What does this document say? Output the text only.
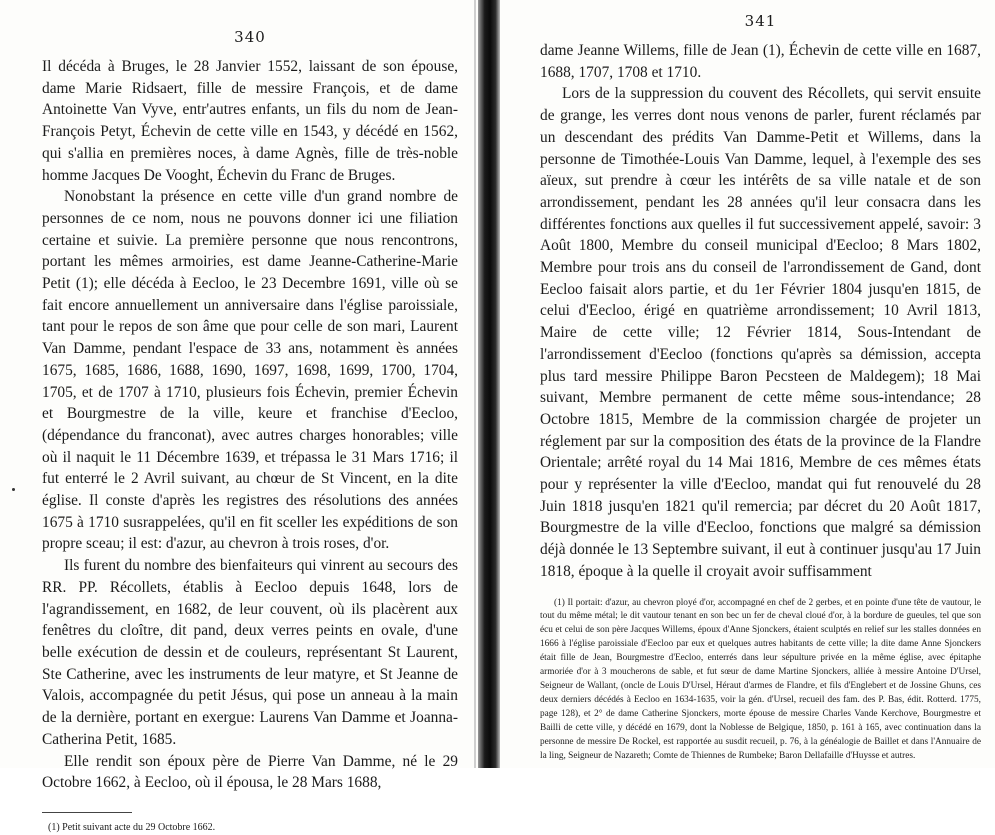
340

Il décéda à Bruges, le 28 Janvier 1552, laissant de son épouse, dame Marie Ridsaert, fille de messire François, et de dame Antoinette Van Vyve, entr'autres enfants, un fils du nom de Jean-François Petyt, Échevin de cette ville en 1543, y décédé en 1562, qui s'allia en premières noces, à dame Agnès, fille de très-noble homme Jacques De Vooght, Échevin du Franc de Bruges.

Nonobstant la présence en cette ville d'un grand nombre de personnes de ce nom, nous ne pouvons donner ici une filiation certaine et suivie. La première personne que nous rencontrons, portant les mêmes armoiries, est dame Jeanne-Catherine-Marie Petit (1); elle décéda à Eecloo, le 23 Decembre 1691, ville où se fait encore annuellement un anniversaire dans l'église paroissiale, tant pour le repos de son âme que pour celle de son mari, Laurent Van Damme, pendant l'espace de 33 ans, notamment ès années 1675, 1685, 1686, 1688, 1690, 1697, 1698, 1699, 1700, 1704, 1705, et de 1707 à 1710, plusieurs fois Échevin, premier Échevin et Bourgmestre de la ville, keure et franchise d'Eecloo, (dépendance du franconat), avec autres charges honorables; ville où il naquit le 11 Décembre 1639, et trépassa le 31 Mars 1716; il fut enterré le 2 Avril suivant, au chœur de St Vincent, en la dite église. Il conste d'après les registres des résolutions des années 1675 à 1710 susrappelées, qu'il en fit sceller les expéditions de son propre sceau; il est: d'azur, au chevron à trois roses, d'or.

Ils furent du nombre des bienfaiteurs qui vinrent au secours des RR. PP. Récollets, établis à Eecloo depuis 1648, lors de l'agrandissement, en 1682, de leur couvent, où ils placèrent aux fenêtres du cloître, dit pand, deux verres peints en ovale, d'une belle exécution de dessin et de couleurs, représentant St Laurent, Ste Catherine, avec les instruments de leur matyre, et St Jeanne de Valois, accompagnée du petit Jésus, qui pose un anneau à la main de la dernière, portant en exergue: Laurens Van Damme et Joanna-Catherina Petit, 1685.

Elle rendit son époux père de Pierre Van Damme, né le 29 Octobre 1662, à Eecloo, où il épousa, le 28 Mars 1688,

(1) Petit suivant acte du 29 Octobre 1662.

341

dame Jeanne Willems, fille de Jean (1), Échevin de cette ville en 1687, 1688, 1707, 1708 et 1710.

Lors de la suppression du couvent des Récollets, qui servit ensuite de grange, les verres dont nous venons de parler, furent réclamés par un descendant des prédits Van Damme-Petit et Willems, dans la personne de Timothée-Louis Van Damme, lequel, à l'exemple des ses aïeux, sut prendre à cœur les intérêts de sa ville natale et de son arrondissement, pendant les 28 années qu'il leur consacra dans les différentes fonctions aux quelles il fut successivement appelé, savoir: 3 Août 1800, Membre du conseil municipal d'Eecloo; 8 Mars 1802, Membre pour trois ans du conseil de l'arrondissement de Gand, dont Eecloo faisait alors partie, et du 1er Février 1804 jusqu'en 1815, de celui d'Eecloo, érigé en quatrième arrondissement; 10 Avril 1813, Maire de cette ville; 12 Février 1814, Sous-Intendant de l'arrondissement d'Eecloo (fonctions qu'après sa démission, accepta plus tard messire Philippe Baron Pecsteen de Maldegem); 18 Mai suivant, Membre permanent de cette même sous-intendance; 28 Octobre 1815, Membre de la commission chargée de projeter un réglement par sur la composition des états de la province de la Flandre Orientale; arrêté royal du 14 Mai 1816, Membre de ces mêmes états pour y représenter la ville d'Eecloo, mandat qui fut renouvelé du 28 Juin 1818 jusqu'en 1821 qu'il remercia; par décret du 20 Août 1817, Bourgmestre de la ville d'Eecloo, fonctions que malgré sa démission déjà donnée le 13 Septembre suivant, il eut à continuer jusqu'au 17 Juin 1818, époque à la quelle il croyait avoir suffisamment

(1) Il portait: d'azur, au chevron ployé d'or, accompagné en chef de 2 gerbes, et en pointe d'une tête de vautour, le tout du même métal; le dit vautour tenant en son bec un fer de cheval cloué d'or, à la bordure de gueules, tel que son écu et celui de son père Jacques Willems, époux d'Anne Sjonckers, étaient sculptés en relief sur les stalles données en 1666 à l'église paroissiale d'Eecloo par eux et quelques autres habitants de cette ville; la dite dame Anne Sjonckers était fille de Jean, Bourgmestre d'Eecloo, enterrés dans leur sépulture privée en la même église, avec épitaphe armoriée d'or à 3 moucherons de sable, et fut sœur de dame Martine Sjonckers, alliée à messire Antoine D'Ursel, Seigneur de Wallant, (oncle de Louis D'Ursel, Héraut d'armes de Flandre, et fils d'Englebert et de Jossine Ghuns, ces deux derniers décédés à Eecloo en 1634-1635, voir la gén. d'Ursel, recueil des fam. des P. Bas, édit. Rotterd. 1775, page 128), et 2° de dame Catherine Sjonckers, morte épouse de messire Charles Vande Kerchove, Bourgmestre et Bailli de cette ville, y décédé en 1679, dont la Noblesse de Belgique, 1850, p. 161 à 165, avec continuation dans la personne de messire De Rockel, est rapportée au susdit recueil, p. 76, à la généalogie de Baillet et dans l'Annuaire de la ling, Seigneur de Nazareth; Comte de Thiennes de Rumbeke; Baron Dellafaille d'Huysse et autres.
